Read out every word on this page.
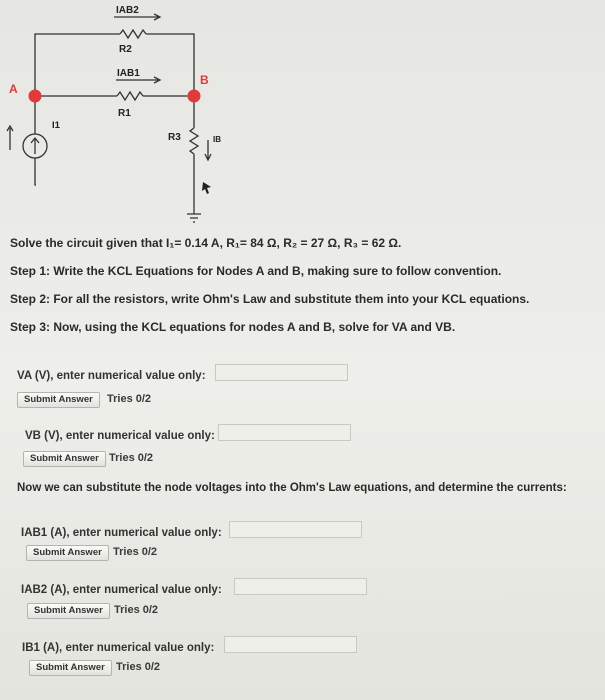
IAB2
R2
IAB1
R1
A
B
I1
R3	IB
Solve the circuit given that I₁= 0.14 A, R₁= 84 Ω, R₂ = 27 Ω, R₃ = 62 Ω.
Step 1: Write the KCL Equations for Nodes A and B, making sure to follow convention.
Step 2: For all the resistors, write Ohm's Law and substitute them into your KCL equations.
Step 3: Now, using the KCL equations for nodes A and B, solve for VA and VB.
VA (V), enter numerical value only:
Submit Answer	Tries 0/2
VB (V), enter numerical value only:
Submit Answer Tries 0/2
Now we can substitute the node voltages into the Ohm's Law equations, and determine the currents:
IAB1 (A), enter numerical value only:
Submit Answer	Tries 0/2
IAB2 (A), enter numerical value only:
Submit Answer	Tries 0/2
IB1 (A), enter numerical value only:
Submit Answer	Tries 0/2
